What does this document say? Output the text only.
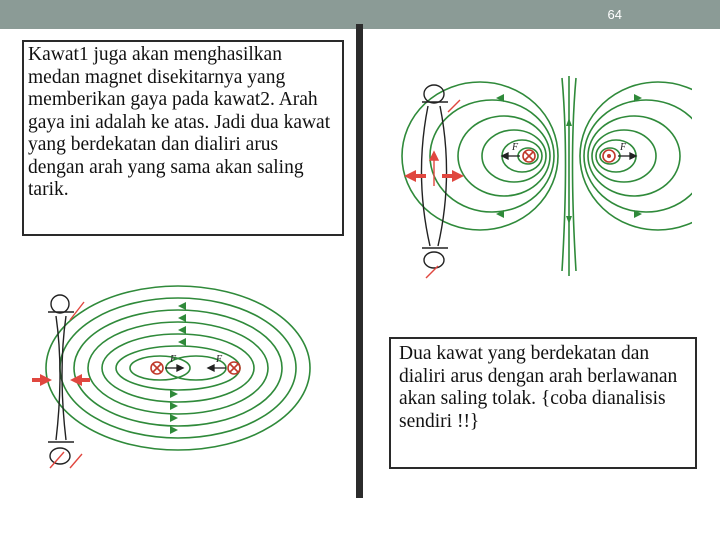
64
F	F
F	F

Kawat1 juga akan menghasilkan medan magnet disekitarnya yang memberikan gaya pada kawat2. Arah gaya ini adalah ke atas. Jadi dua kawat yang berdekatan dan dialiri arus dengan arah yang sama akan saling tarik.

Dua kawat yang berdekatan dan dialiri arus dengan arah berlawanan akan saling tolak. {coba dianalisis sendiri !!}
